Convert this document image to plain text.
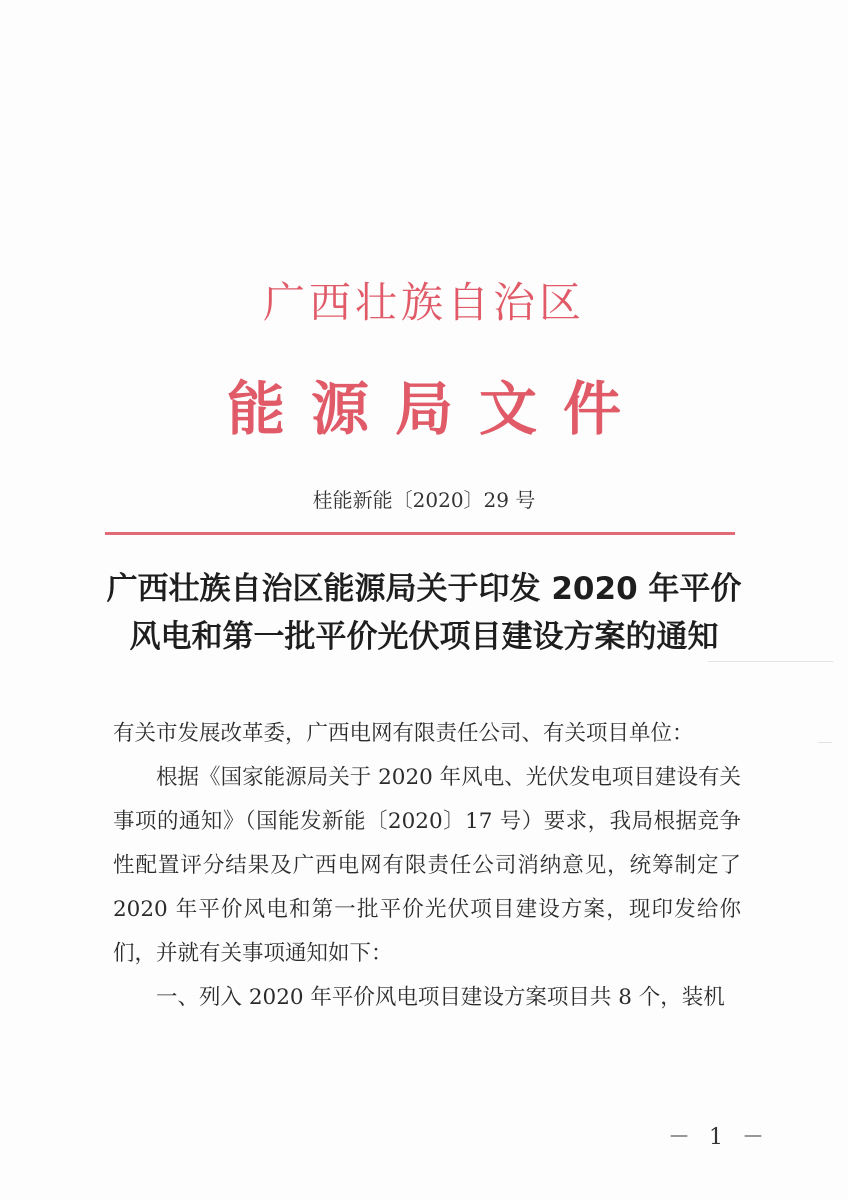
广西壮族自治区
能源局文件
桂能新能〔2020〕29 号
广西壮族自治区能源局关于印发 2020 年平价
风电和第一批平价光伏项目建设方案的通知

有关市发展改革委，广西电网有限责任公司、有关项目单位：

根据《国家能源局关于 2020 年风电、光伏发电项目建设有关事项的通知》（国能发新能〔2020〕17 号）要求，我局根据竞争性配置评分结果及广西电网有限责任公司消纳意见，统筹制定了 2020 年平价风电和第一批平价光伏项目建设方案，现印发给你们，并就有关事项通知如下：

一、列入 2020 年平价风电项目建设方案项目共 8 个，装机

－ 1 －
